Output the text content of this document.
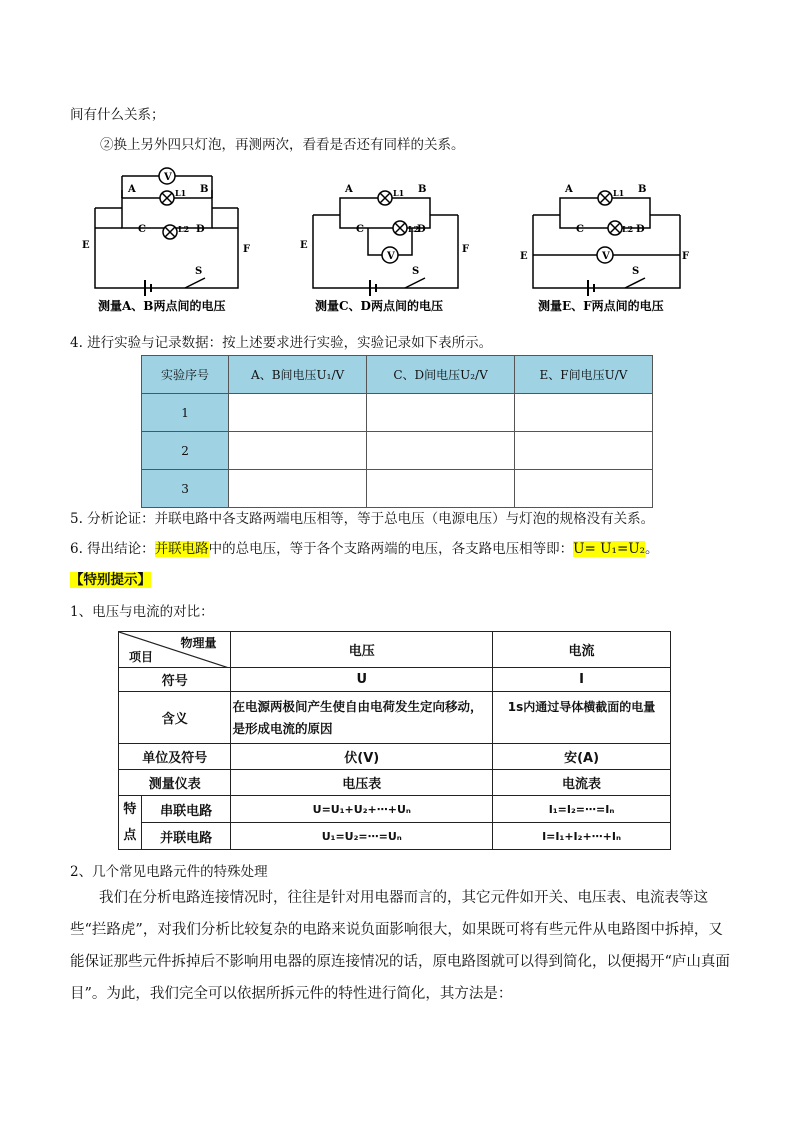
间有什么关系；
②换上另外四只灯泡，再测两次，看看是否还有同样的关系。
V
A	B
L1
C	D
L2
E	F
S
A	B
L1
C	D
L2
V
E	F
S
A	B
L1
C	D
L2
V
E	F
S
测量A、B两点间的电压	测量C、D两点间的电压	测量E、F两点间的电压
4. 进行实验与记录数据：按上述要求进行实验，实验记录如下表所示。
实验序号	A、B间电压U₁/V	C、D间电压U₂/V	E、F间电压U/V
1			
2			
3			
5. 分析论证：并联电路中各支路两端电压相等，等于总电压（电源电压）与灯泡的规格没有关系。
6. 得出结论：并联电路中的总电压，等于各个支路两端的电压，各支路电压相等即：U= U₁=U₂。
【特别提示】
1、电压与电流的对比：
物理量
项目		电压	电流
符号		U	I
含义		在电源两极间产生使自由电荷发生定向移动，是形成电流的原因	1s内通过导体横截面的电量
单位及符号		伏(V)	安(A)
测量仪表		电压表	电流表
特点	串联电路	U=U₁+U₂+⋯+Uₙ	I₁=I₂=⋯=Iₙ
	并联电路	U₁=U₂=⋯=Uₙ	I=I₁+I₂+⋯+Iₙ
2、几个常见电路元件的特殊处理
我们在分析电路连接情况时，往往是针对用电器而言的，其它元件如开关、电压表、电流表等这些“拦路虎”，对我们分析比较复杂的电路来说负面影响很大，如果既可将有些元件从电路图中拆掉，又能保证那些元件拆掉后不影响用电器的原连接情况的话，原电路图就可以得到简化，以便揭开“庐山真面目”。为此，我们完全可以依据所拆元件的特性进行简化，其方法是：
